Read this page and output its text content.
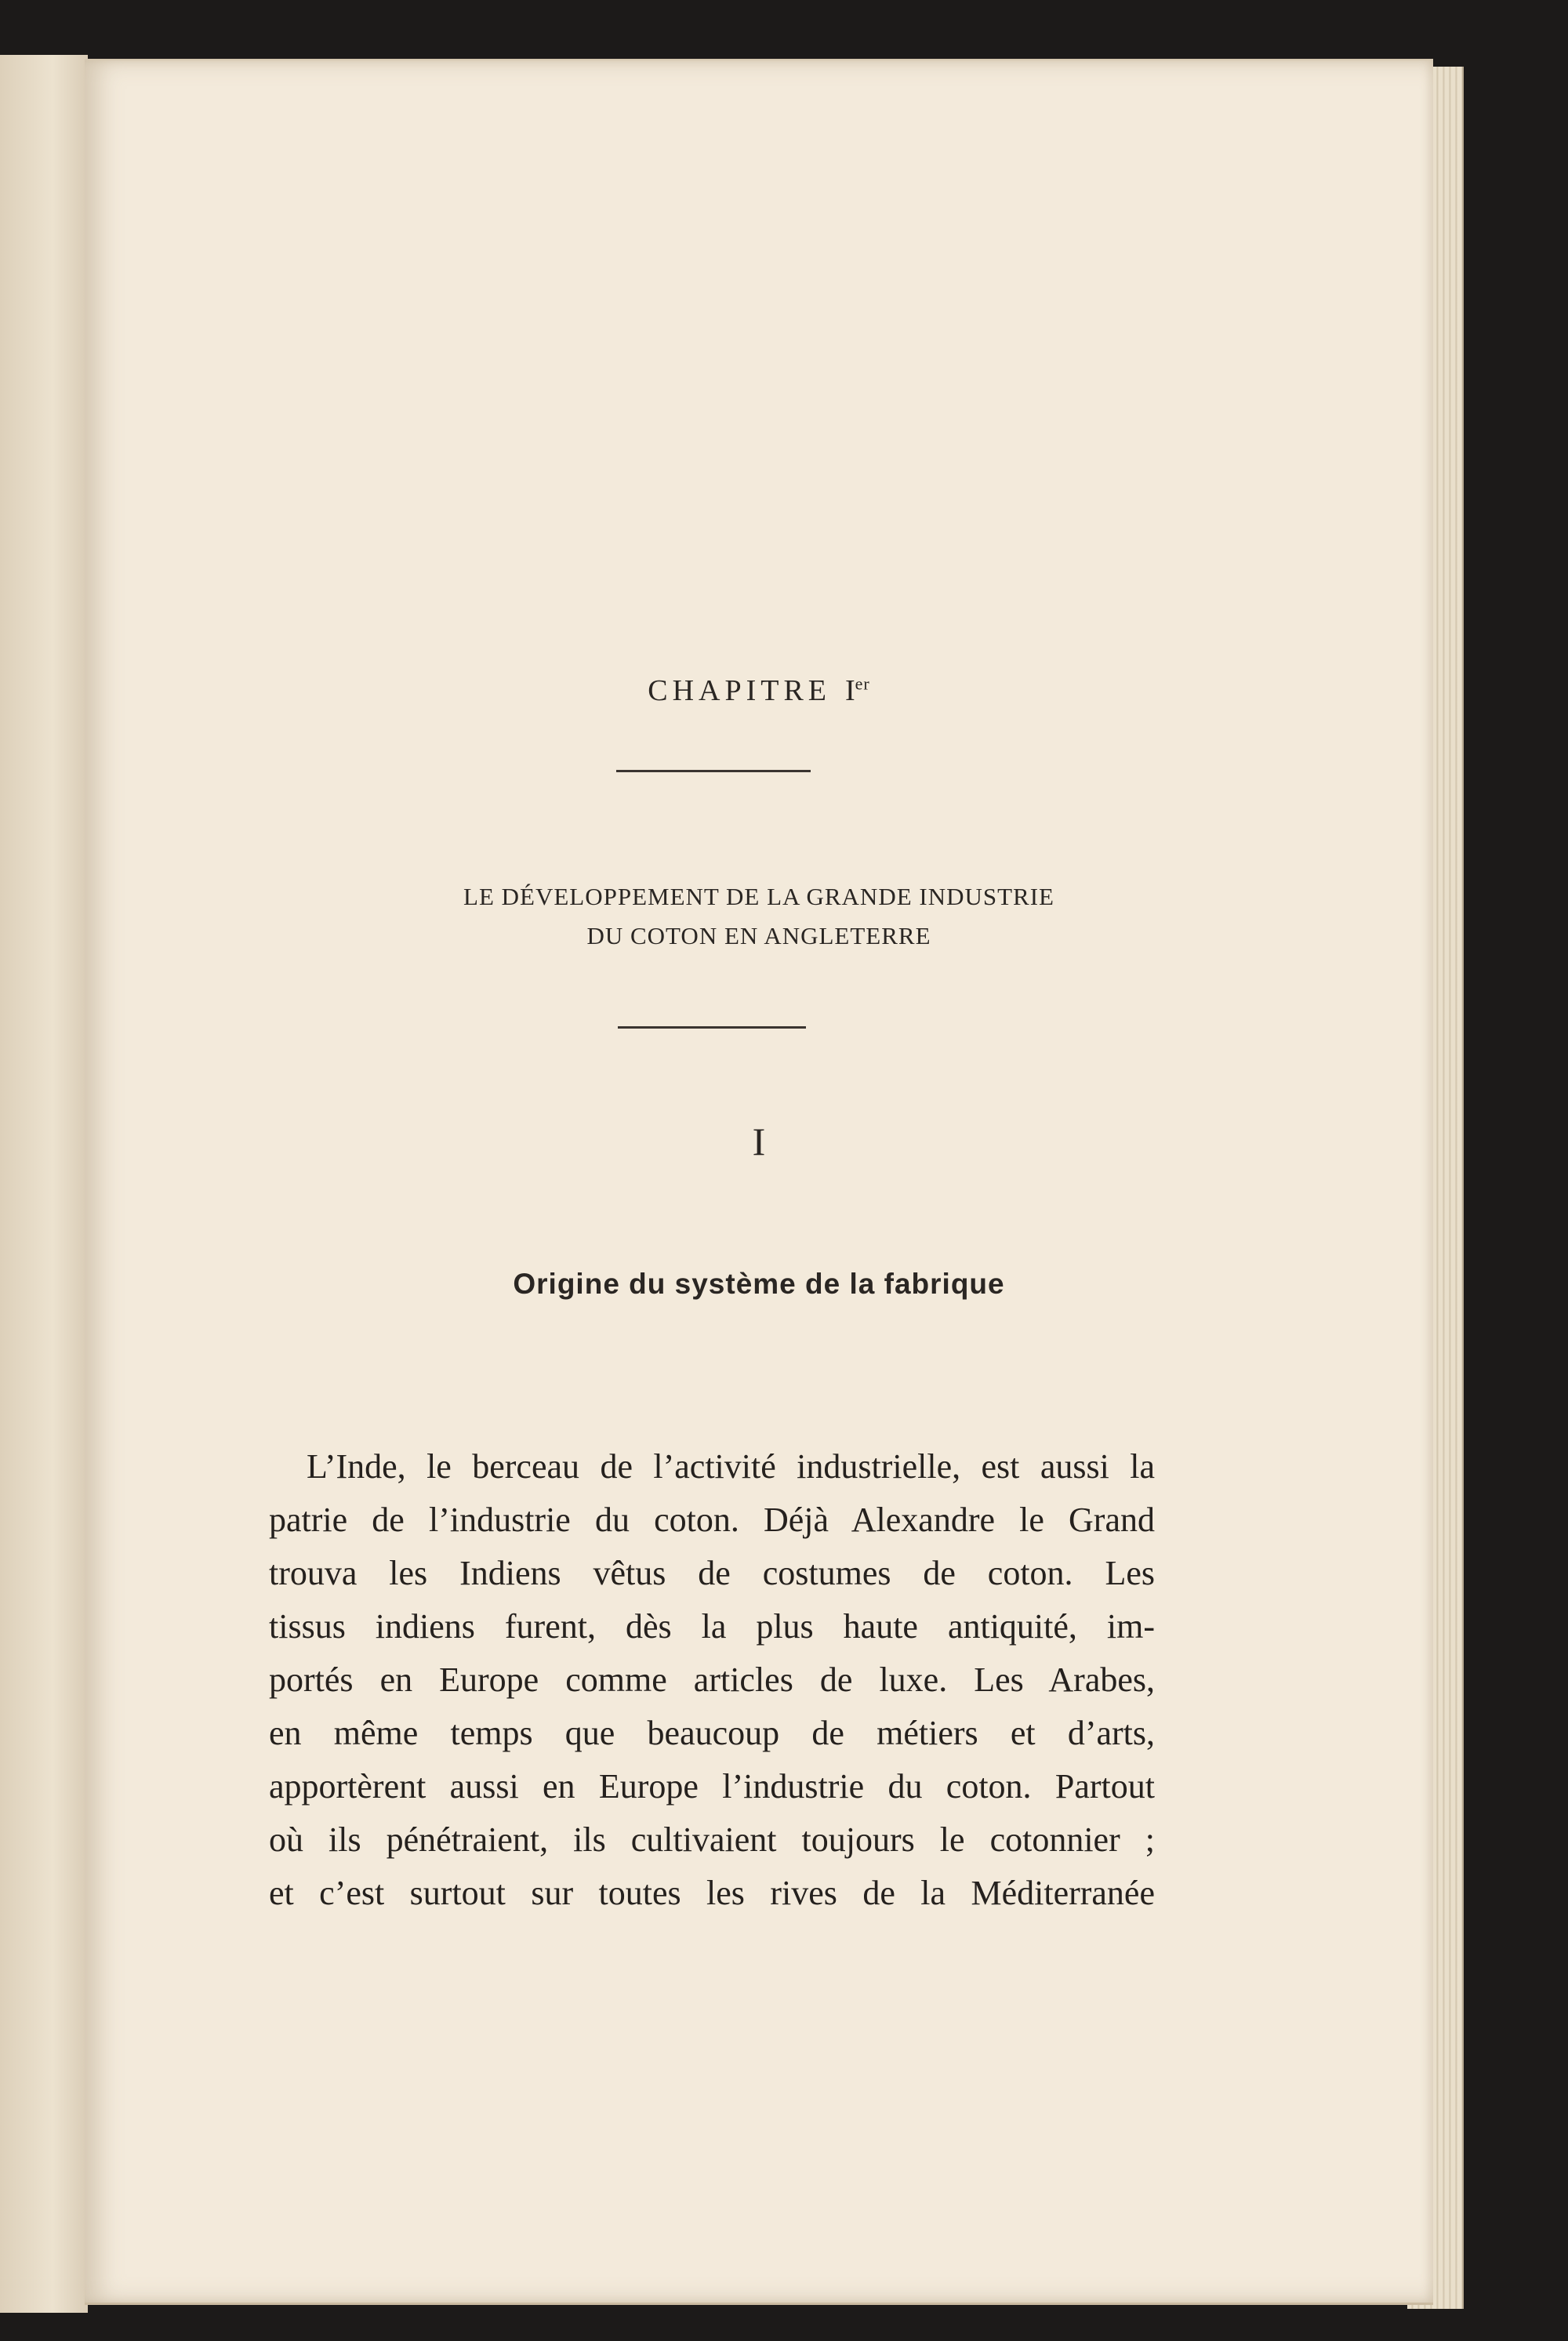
CHAPITRE Ier
LE DÉVELOPPEMENT DE LA GRANDE INDUSTRIE
DU COTON EN ANGLETERRE
I
Origine du système de la fabrique
L’Inde, le berceau de l’activité industrielle, est aussi la
patrie de l’industrie du coton. Déjà Alexandre le Grand
trouva les Indiens vêtus de costumes de coton. Les
tissus indiens furent, dès la plus haute antiquité, im-
portés en Europe comme articles de luxe. Les Arabes,
en même temps que beaucoup de métiers et d’arts,
apportèrent aussi en Europe l’industrie du coton. Partout
où ils pénétraient, ils cultivaient toujours le cotonnier ;
et c’est surtout sur toutes les rives de la Méditerranée
